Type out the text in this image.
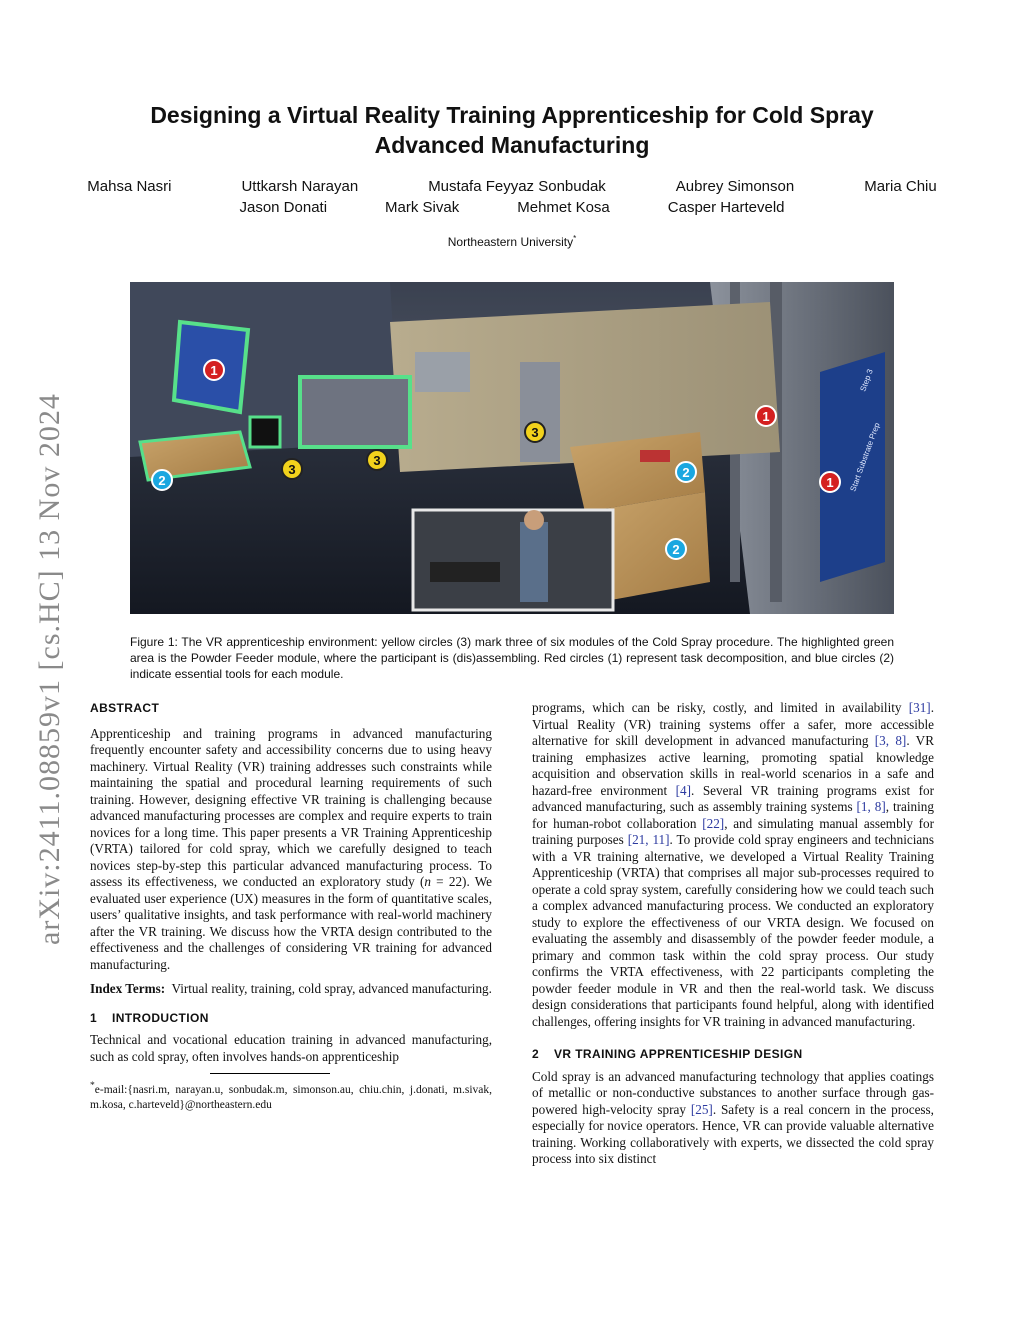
arXiv:2411.08859v1 [cs.HC] 13 Nov 2024
Designing a Virtual Reality Training Apprenticeship for Cold Spray
Advanced Manufacturing
Mahsa Nasri	Uttkarsh Narayan	Mustafa Feyyaz Sonbudak	Aubrey Simonson	Maria Chiu
Jason Donati	Mark Sivak	Mehmet Kosa	Casper Harteveld
Northeastern University*
1
1
1
2
2
2
3
3
3	Start Substrate Prep
Step 3
Figure 1: The VR apprenticeship environment: yellow circles (3) mark three of six modules of the Cold Spray procedure. The highlighted green area is the Powder Feeder module, where the participant is (dis)assembling. Red circles (1) represent task decomposition, and blue circles (2) indicate essential tools for each module.
ABSTRACT

Apprenticeship and training programs in advanced manufacturing frequently encounter safety and accessibility concerns due to using heavy machinery. Virtual Reality (VR) training addresses such constraints while maintaining the spatial and procedural learning requirements of such training. However, designing effective VR training is challenging because advanced manufacturing processes are complex and require experts to train novices for a long time. This paper presents a VR Training Apprenticeship (VRTA) tailored for cold spray, which we carefully designed to teach novices step-by-step this particular advanced manufacturing process. To assess its effectiveness, we conducted an exploratory study (n = 22). We evaluated user experience (UX) measures in the form of quantitative scales, users’ qualitative insights, and task performance with real-world machinery after the VR training. We discuss how the VRTA design contributed to the effectiveness and the challenges of considering VR training for advanced manufacturing.

Index Terms: Virtual reality, training, cold spray, advanced manufacturing.

1 INTRODUCTION

Technical and vocational education training in advanced manufacturing, such as cold spray, often involves hands-on apprenticeship

*e-mail:{nasri.m, narayan.u, sonbudak.m, simonson.au, chiu.chin, j.donati, m.sivak, m.kosa, c.harteveld}@northeastern.edu

programs, which can be risky, costly, and limited in availability [31]. Virtual Reality (VR) training systems offer a safer, more accessible alternative for skill development in advanced manufacturing [3, 8]. VR training emphasizes active learning, promoting spatial knowledge acquisition and observation skills in real-world scenarios in a safe and hazard-free environment [4]. Several VR training programs exist for advanced manufacturing, such as assembly training systems [1, 8], training for human-robot collaboration [22], and simulating manual assembly for training purposes [21, 11]. To provide cold spray engineers and technicians with a VR training alternative, we developed a Virtual Reality Training Apprenticeship (VRTA) that comprises all major sub-processes required to operate a cold spray system, carefully considering how we could teach such a complex advanced manufacturing process. We conducted an exploratory study to explore the effectiveness of our VRTA design. We focused on evaluating the assembly and disassembly of the powder feeder module, a primary and common task within the cold spray process. Our study confirms the VRTA effectiveness, with 22 participants completing the powder feeder module in VR and then the real-world task. We discuss design considerations that participants found helpful, along with identified challenges, offering insights for VR training in advanced manufacturing.

2 VR TRAINING APPRENTICESHIP DESIGN

Cold spray is an advanced manufacturing technology that applies coatings of metallic or non-conductive substances to another surface through gas-powered high-velocity spray [25]. Safety is a real concern in the process, especially for novice operators. Hence, VR can provide valuable alternative training. Working collaboratively with experts, we dissected the cold spray process into six distinct
